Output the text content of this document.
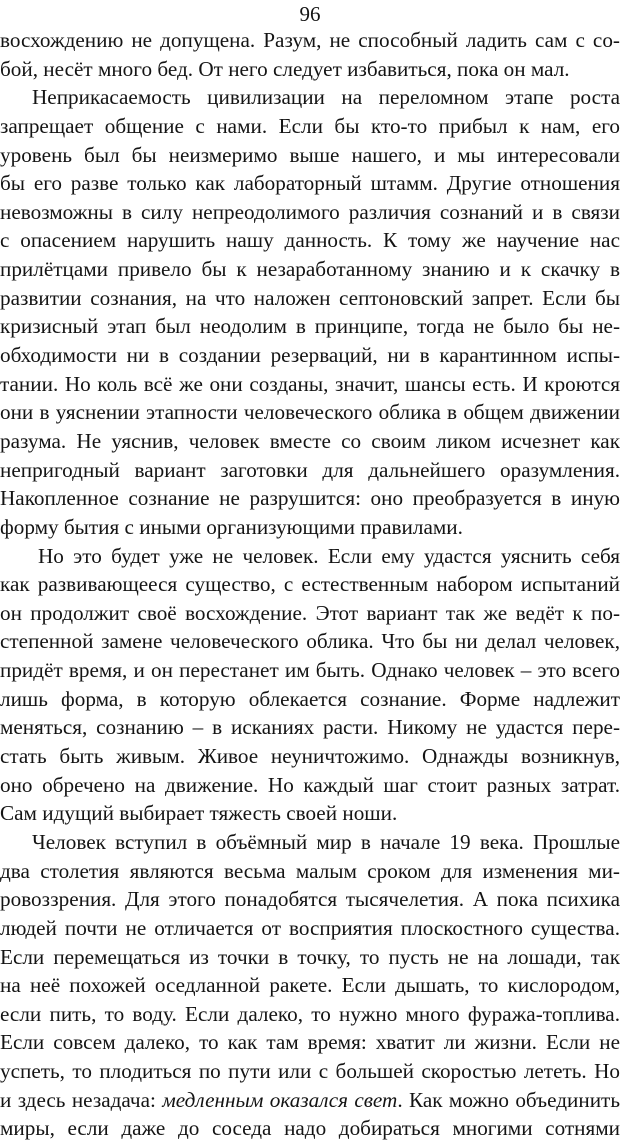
96
восхождению не допущена. Разум, не способный ладить сам с со-
бой, несёт много бед. От него следует избавиться, пока он мал.
Неприкасаемость цивилизации на переломном этапе роста
запрещает общение с нами. Если бы кто-то прибыл к нам, его
уровень был бы неизмеримо выше нашего, и мы интересовали
бы его разве только как лабораторный штамм. Другие отношения
невозможны в силу непреодолимого различия сознаний и в связи
с опасением нарушить нашу данность. К тому же научение нас
прилётцами привело бы к незаработанному знанию и к скачку в
развитии сознания, на что наложен септоновский запрет. Если бы
кризисный этап был неодолим в принципе, тогда не было бы не-
обходимости ни в создании резерваций, ни в карантинном испы-
тании. Но коль всё же они созданы, значит, шансы есть. И кроются
они в уяснении этапности человеческого облика в общем движении
разума. Не уяснив, человек вместе со своим ликом исчезнет как
непригодный вариант заготовки для дальнейшего оразумления.
Накопленное сознание не разрушится: оно преобразуется в иную
форму бытия с иными организующими правилами.
Но это будет уже не человек. Если ему удастся уяснить себя
как развивающееся существо, с естественным набором испытаний
он продолжит своё восхождение. Этот вариант так же ведёт к по-
степенной замене человеческого облика. Что бы ни делал человек,
придёт время, и он перестанет им быть. Однако человек – это всего
лишь форма, в которую облекается сознание. Форме надлежит
меняться, сознанию – в исканиях расти. Никому не удастся пере-
стать быть живым. Живое неуничтожимо. Однажды возникнув,
оно обречено на движение. Но каждый шаг стоит разных затрат.
Сам идущий выбирает тяжесть своей ноши.
Человек вступил в объёмный мир в начале 19 века. Прошлые
два столетия являются весьма малым сроком для изменения ми-
ровоззрения. Для этого понадобятся тысячелетия. А пока психика
людей почти не отличается от восприятия плоскостного существа.
Если перемещаться из точки в точку, то пусть не на лошади, так
на неё похожей оседланной ракете. Если дышать, то кислородом,
если пить, то воду. Если далеко, то нужно много фуража-топлива.
Если совсем далеко, то как там время: хватит ли жизни. Если не
успеть, то плодиться по пути или с большей скоростью лететь. Но
и здесь незадача: медленным оказался свет. Как можно объединить
миры, если даже до соседа надо добираться многими сотнями
